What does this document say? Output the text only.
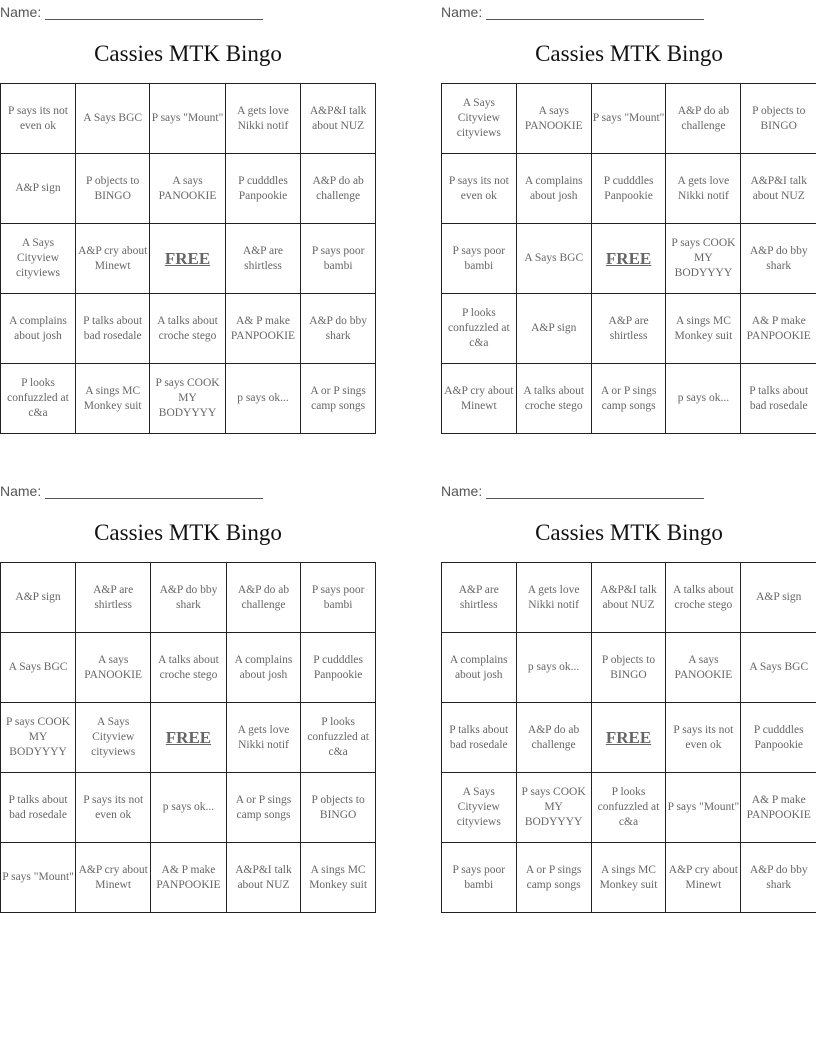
Name:
Cassies MTK Bingo
P says its not even ok	A Says BGC	P says "Mount"	A gets love Nikki notif	A&P&I talk about NUZ
A&P sign	P objects to BINGO	A says PANOOKIE	P cudddles Panpookie	A&P do ab challenge
A Says Cityview cityviews	A&P cry about Minewt	FREE	A&P are shirtless	P says poor bambi
A complains about josh	P talks about bad rosedale	A talks about croche stego	A& P make PANPOOKIE	A&P do bby shark
P looks confuzzled at c&a	A sings MC Monkey suit	P says COOK MY BODYYYY	p says ok...	A or P sings camp songs
Name:
Cassies MTK Bingo
A Says Cityview cityviews	A says PANOOKIE	P says "Mount"	A&P do ab challenge	P objects to BINGO
P says its not even ok	A complains about josh	P cudddles Panpookie	A gets love Nikki notif	A&P&I talk about NUZ
P says poor bambi	A Says BGC	FREE	P says COOK MY BODYYYY	A&P do bby shark
P looks confuzzled at c&a	A&P sign	A&P are shirtless	A sings MC Monkey suit	A& P make PANPOOKIE
A&P cry about Minewt	A talks about croche stego	A or P sings camp songs	p says ok...	P talks about bad rosedale
Name:
Cassies MTK Bingo
A&P sign	A&P are shirtless	A&P do bby shark	A&P do ab challenge	P says poor bambi
A Says BGC	A says PANOOKIE	A talks about croche stego	A complains about josh	P cudddles Panpookie
P says COOK MY BODYYYY	A Says Cityview cityviews	FREE	A gets love Nikki notif	P looks confuzzled at c&a
P talks about bad rosedale	P says its not even ok	p says ok...	A or P sings camp songs	P objects to BINGO
P says "Mount"	A&P cry about Minewt	A& P make PANPOOKIE	A&P&I talk about NUZ	A sings MC Monkey suit
Name:
Cassies MTK Bingo
A&P are shirtless	A gets love Nikki notif	A&P&I talk about NUZ	A talks about croche stego	A&P sign
A complains about josh	p says ok...	P objects to BINGO	A says PANOOKIE	A Says BGC
P talks about bad rosedale	A&P do ab challenge	FREE	P says its not even ok	P cudddles Panpookie
A Says Cityview cityviews	P says COOK MY BODYYYY	P looks confuzzled at c&a	P says "Mount"	A& P make PANPOOKIE
P says poor bambi	A or P sings camp songs	A sings MC Monkey suit	A&P cry about Minewt	A&P do bby shark
